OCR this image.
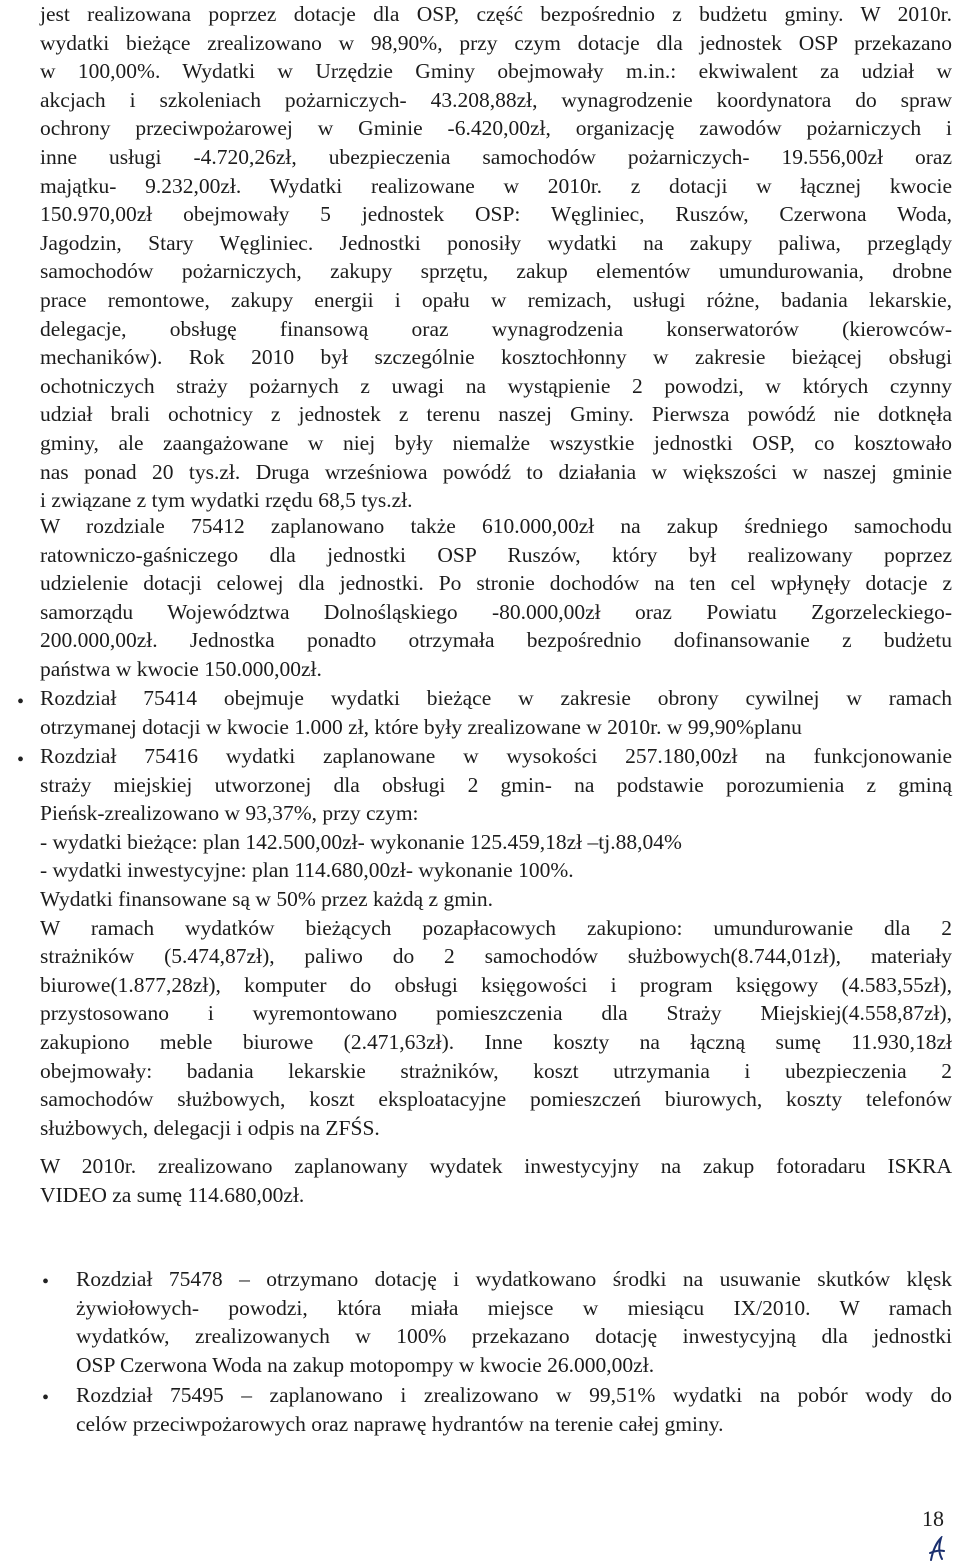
jest realizowana poprzez dotacje dla OSP, część bezpośrednio z budżetu gminy. W 2010r.
wydatki bieżące zrealizowano w 98,90%, przy czym dotacje dla jednostek OSP przekazano
w 100,00%. Wydatki w Urzędzie Gminy obejmowały m.in.: ekwiwalent za udział w
akcjach i szkoleniach pożarniczych- 43.208,88zł, wynagrodzenie koordynatora do spraw
ochrony przeciwpożarowej w Gminie -6.420,00zł, organizację zawodów pożarniczych i
inne usługi -4.720,26zł, ubezpieczenia samochodów pożarniczych- 19.556,00zł oraz
majątku- 9.232,00zł. Wydatki realizowane w 2010r. z dotacji w łącznej kwocie
150.970,00zł obejmowały 5 jednostek OSP: Węgliniec, Ruszów, Czerwona Woda,
Jagodzin, Stary Węgliniec. Jednostki ponosiły wydatki na zakupy paliwa, przeglądy
samochodów pożarniczych, zakupy sprzętu, zakup elementów umundurowania, drobne
prace remontowe, zakupy energii i opału w remizach, usługi różne, badania lekarskie,
delegacje, obsługę finansową oraz wynagrodzenia konserwatorów (kierowców-
mechaników). Rok 2010 był szczególnie kosztochłonny w zakresie bieżącej obsługi
ochotniczych straży pożarnych z uwagi na wystąpienie 2 powodzi, w których czynny
udział brali ochotnicy z jednostek z terenu naszej Gminy. Pierwsza powódź nie dotknęła
gminy, ale zaangażowane w niej były niemalże wszystkie jednostki OSP, co kosztowało
nas ponad 20 tys.zł. Druga wrześniowa powódź to działania w większości w naszej gminie
i związane z tym wydatki rzędu 68,5 tys.zł.
W rozdziale 75412 zaplanowano także 610.000,00zł na zakup średniego samochodu
ratowniczo-gaśniczego dla jednostki OSP Ruszów, który był realizowany poprzez
udzielenie dotacji celowej dla jednostki. Po stronie dochodów na ten cel wpłynęły dotacje z
samorządu Województwa Dolnośląskiego -80.000,00zł oraz Powiatu Zgorzeleckiego-
200.000,00zł. Jednostka ponadto otrzymała bezpośrednio dofinansowanie z budżetu
państwa w kwocie 150.000,00zł.
• Rozdział 75414 obejmuje wydatki bieżące w zakresie obrony cywilnej w ramach
otrzymanej dotacji w kwocie 1.000 zł, które były zrealizowane w 2010r. w 99,90%planu
• Rozdział 75416 wydatki zaplanowane w wysokości 257.180,00zł na funkcjonowanie
straży miejskiej utworzonej dla obsługi 2 gmin- na podstawie porozumienia z gminą
Pieńsk-zrealizowano w 93,37%, przy czym:
- wydatki bieżące: plan 142.500,00zł- wykonanie 125.459,18zł –tj.88,04%
- wydatki inwestycyjne: plan 114.680,00zł- wykonanie 100%.
Wydatki finansowane są w 50% przez każdą z gmin.
W ramach wydatków bieżących pozapłacowych zakupiono: umundurowanie dla 2
strażników (5.474,87zł), paliwo do 2 samochodów służbowych(8.744,01zł), materiały
biurowe(1.877,28zł), komputer do obsługi księgowości i program księgowy (4.583,55zł),
przystosowano i wyremontowano pomieszczenia dla Straży Miejskiej(4.558,87zł),
zakupiono meble biurowe (2.471,63zł). Inne koszty na łączną sumę 11.930,18zł
obejmowały: badania lekarskie strażników, koszt utrzymania i ubezpieczenia 2
samochodów służbowych, koszt eksploatacyjne pomieszczeń biurowych, koszty telefonów
służbowych, delegacji i odpis na ZFŚS.
W 2010r. zrealizowano zaplanowany wydatek inwestycyjny na zakup fotoradaru ISKRA
VIDEO za sumę 114.680,00zł.
• Rozdział 75478 – otrzymano dotację i wydatkowano środki na usuwanie skutków klęsk
żywiołowych- powodzi, która miała miejsce w miesiącu IX/2010. W ramach
wydatków, zrealizowanych w 100% przekazano dotację inwestycyjną dla jednostki
OSP Czerwona Woda na zakup motopompy w kwocie 26.000,00zł.
• Rozdział 75495 – zaplanowano i zrealizowano w 99,51% wydatki na pobór wody do
celów przeciwpożarowych oraz naprawę hydrantów na terenie całej gminy.
18
